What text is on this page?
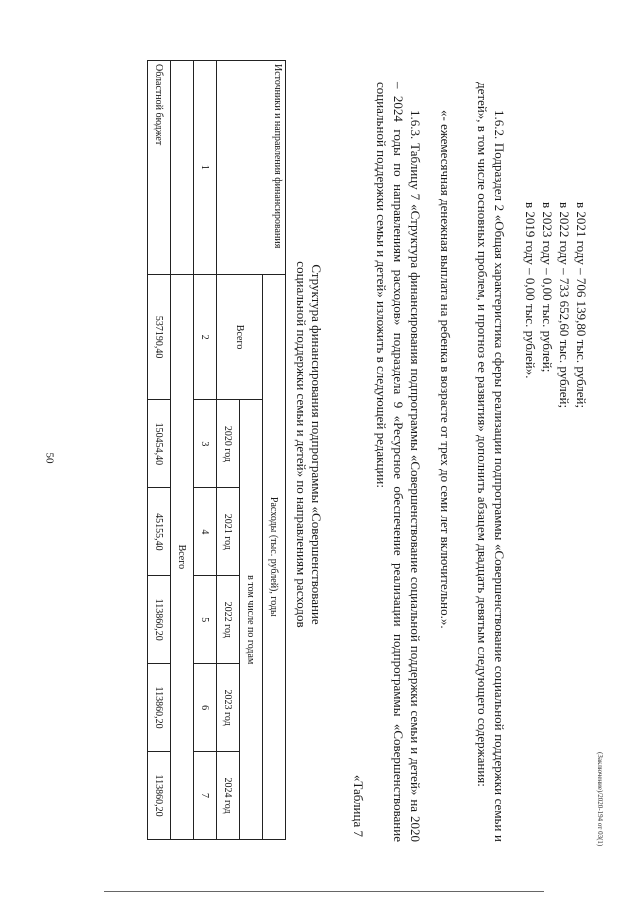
50
в 2021 году – 706 139,80 тыс. рублей;
в 2022 году – 733 652,60 тыс. рублей;
в 2023 году – 0,00 тыс. рублей;
в 2019 году – 0,00 тыс. рублей».
1.6.2. Подраздел 2 «Общая характеристика сферы реализации подпрограммы «Совершенствование социальной поддержки семьи и детей», в том числе основных проблем, и прогноз ее развития» дополнить абзацем двадцать девятым следующего содержания:
«- ежемесячная денежная выплата на ребенка в возрасте от трех до семи лет включительно.».
1.6.3. Таблицу 7 «Структура финансирования подпрограммы «Совершенствование социальной поддержки семьи и детей» на 2020 – 2024 годы по направлениям расходов» подраздела 9 «Ресурсное обеспечение реализации подпрограммы «Совершенствование социальной поддержки семьи и детей» изложить в следующей редакции:
«Таблица 7
Структура финансирования подпрограммы «Совершенствование
социальной поддержки семьи и детей» по направлениям расходов
Источники и направления финансирования	Расходы (тыс. рублей), годы					
	Всего	в том числе по годам				
		2020 год	2021 год	2022 год	2023 год	2024 год
1	2	3	4	5	6	7
	Всего					
Областной бюджет	537190,40	150454,40	45155,40	113860,20	113860,20	113860,20	(Заключение)/2020-194 от 03(1)
